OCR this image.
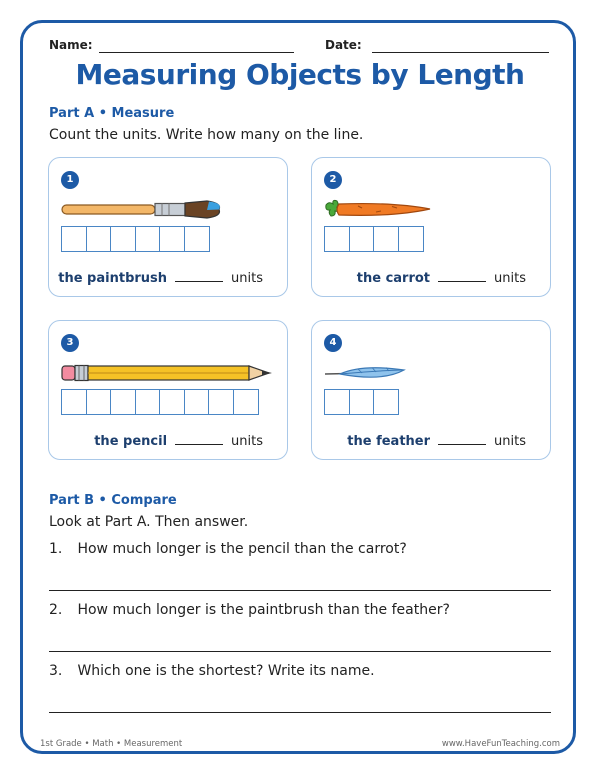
Name:	Date:
Measuring Objects by Length
Part A • Measure
Count the units. Write how many on the line.
1
the paintbrush	units
2
the carrot	units
3
the pencil	units
4
the feather	units
Part B • Compare
Look at Part A. Then answer.
1. How much longer is the pencil than the carrot?
2. How much longer is the paintbrush than the feather?
3. Which one is the shortest? Write its name.
1st Grade • Math • Measurement	www.HaveFunTeaching.com
